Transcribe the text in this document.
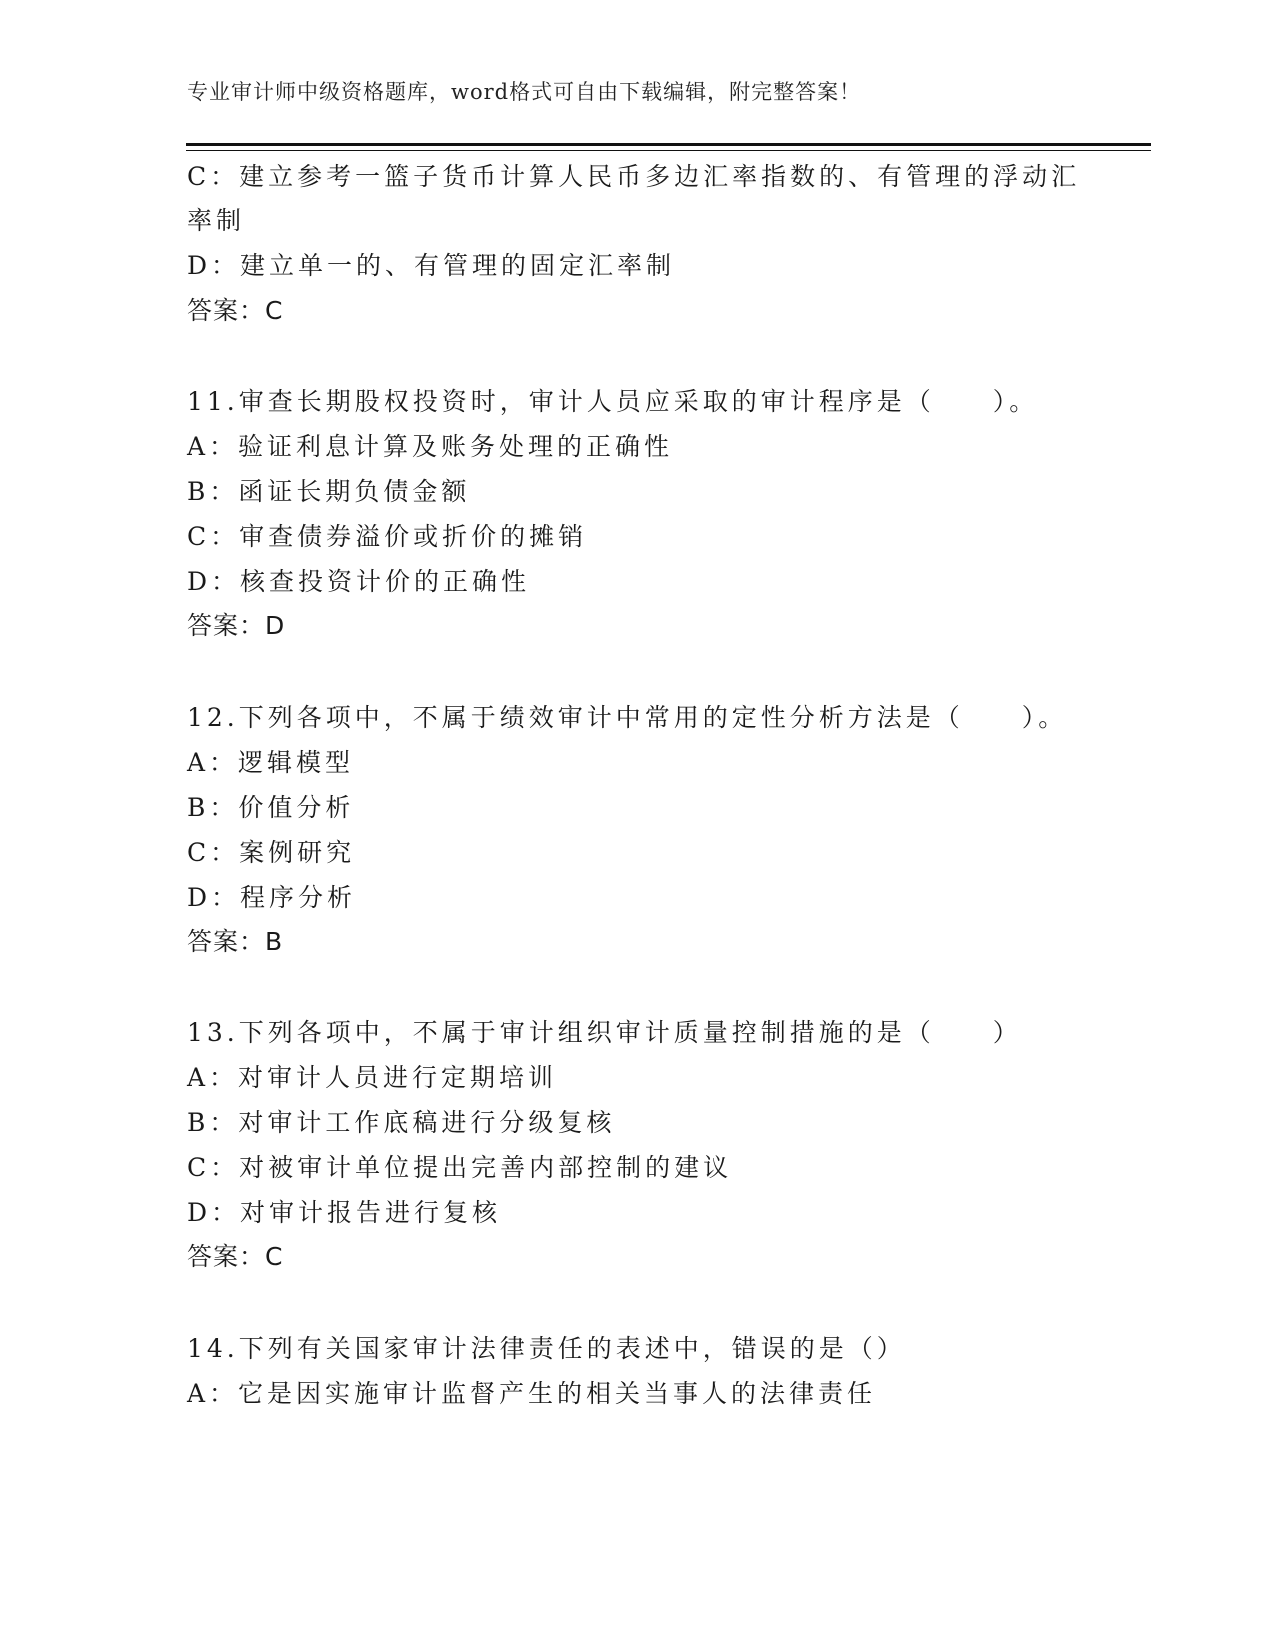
专业审计师中级资格题库，word格式可自由下载编辑，附完整答案！
C：建立参考一篮子货币计算人民币多边汇率指数的、有管理的浮动汇
率制
D：建立单一的、有管理的固定汇率制
答案：C
11.审查长期股权投资时，审计人员应采取的审计程序是（　　）。
A：验证利息计算及账务处理的正确性
B：函证长期负债金额
C：审查债券溢价或折价的摊销
D：核查投资计价的正确性
答案：D
12.下列各项中，不属于绩效审计中常用的定性分析方法是（　　）。
A：逻辑模型
B：价值分析
C：案例研究
D：程序分析
答案：B
13.下列各项中，不属于审计组织审计质量控制措施的是（　　）
A：对审计人员进行定期培训
B：对审计工作底稿进行分级复核
C：对被审计单位提出完善内部控制的建议
D：对审计报告进行复核
答案：C
14.下列有关国家审计法律责任的表述中，错误的是（）
A：它是因实施审计监督产生的相关当事人的法律责任
